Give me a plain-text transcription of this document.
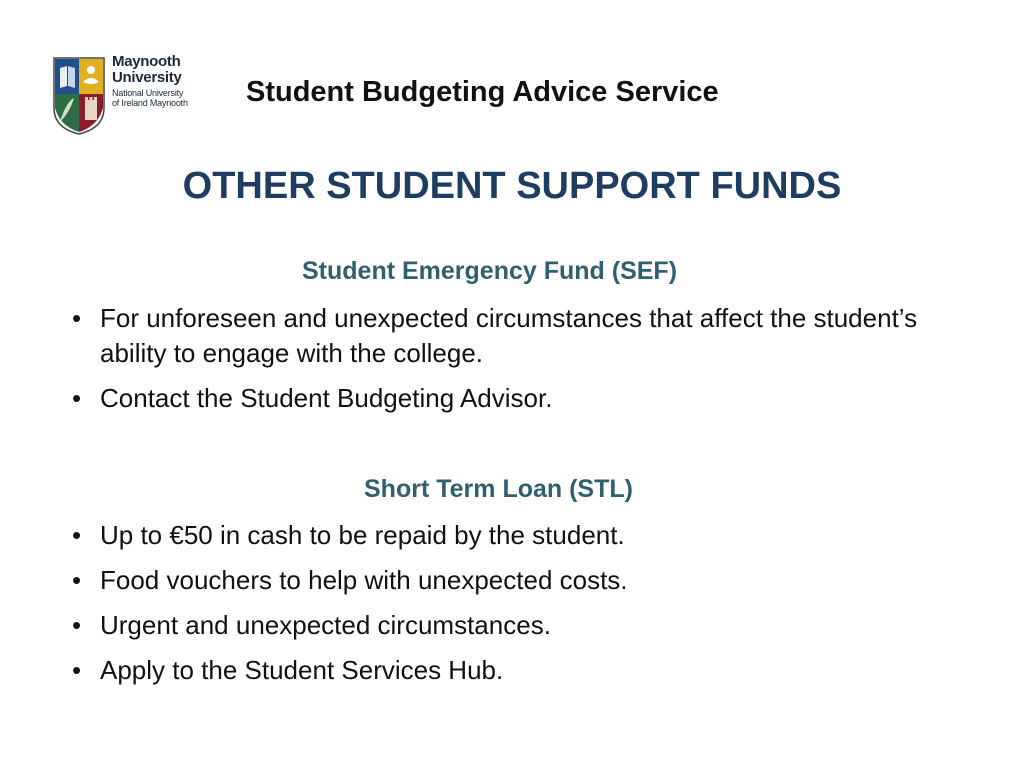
Maynooth
University
National University
of Ireland Maynooth Student Budgeting Advice Service
OTHER STUDENT SUPPORT FUNDS
Student Emergency Fund (SEF)
• For unforeseen and unexpected circumstances that affect the student’s ability to engage with the college.
• Contact the Student Budgeting Advisor.
Short Term Loan (STL)
• Up to €50 in cash to be repaid by the student.
• Food vouchers to help with unexpected costs.
• Urgent and unexpected circumstances.
• Apply to the Student Services Hub.
